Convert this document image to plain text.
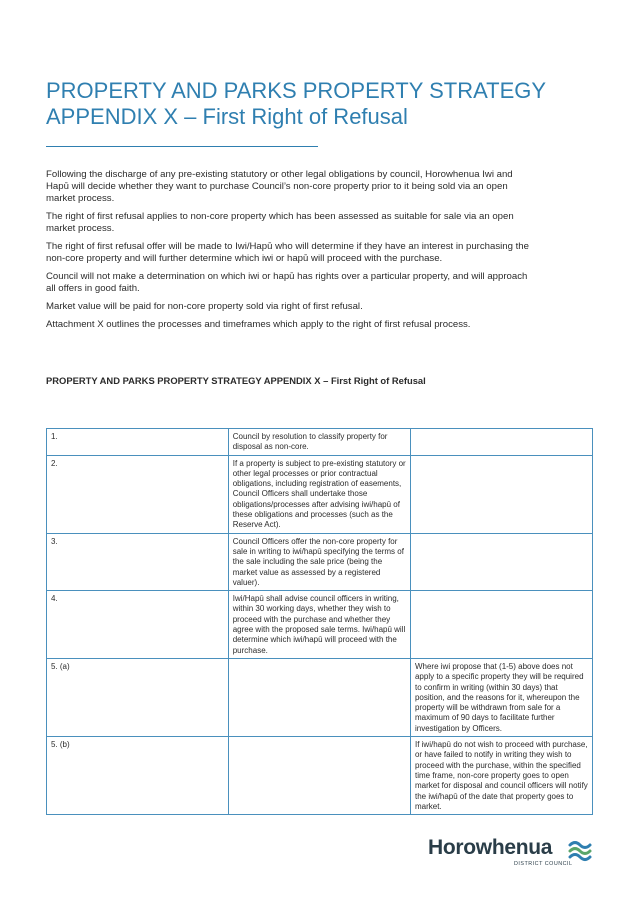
PROPERTY AND PARKS PROPERTY STRATEGY APPENDIX X – First Right of Refusal

Following the discharge of any pre-existing statutory or other legal obligations by council, Horowhenua Iwi and Hapū will decide whether they want to purchase Council’s non-core property prior to it being sold via an open market process.

The right of first refusal applies to non-core property which has been assessed as suitable for sale via an open market process.

The right of first refusal offer will be made to Iwi/Hapū who will determine if they have an interest in purchasing the non-core property and will further determine which iwi or hapū will proceed with the purchase.

Council will not make a determination on which iwi or hapū has rights over a particular property, and will approach all offers in good faith.

Market value will be paid for non-core property sold via right of first refusal.

Attachment X outlines the processes and timeframes which apply to the right of first refusal process.

PROPERTY AND PARKS PROPERTY STRATEGY APPENDIX X – First Right of Refusal
1.	Council by resolution to classify property for disposal as non-core.	
2.	If a property is subject to pre-existing statutory or other legal processes or prior contractual obligations, including registration of easements, Council Officers shall undertake those obligations/processes after advising iwi/hapū of these obligations and processes (such as the Reserve Act).	
3.	Council Officers offer the non-core property for sale in writing to iwi/hapū specifying the terms of the sale including the sale price (being the market value as assessed by a registered valuer).	
4.	Iwi/Hapū shall advise council officers in writing, within 30 working days, whether they wish to proceed with the purchase and whether they agree with the proposed sale terms. Iwi/hapū will determine which iwi/hapū will proceed with the purchase.	
5. (a)		Where iwi propose that (1-5) above does not apply to a specific property they will be required to confirm in writing (within 30 days) that position, and the reasons for it, whereupon the property will be withdrawn from sale for a maximum of 90 days to facilitate further investigation by Officers.
5. (b)		If iwi/hapū do not wish to proceed with purchase, or have failed to notify in writing they wish to proceed with the purchase, within the specified time frame, non-core property goes to open market for disposal and council officers will notify the iwi/hapū of the date that property goes to market.
Horowhenua
DISTRICT COUNCIL
